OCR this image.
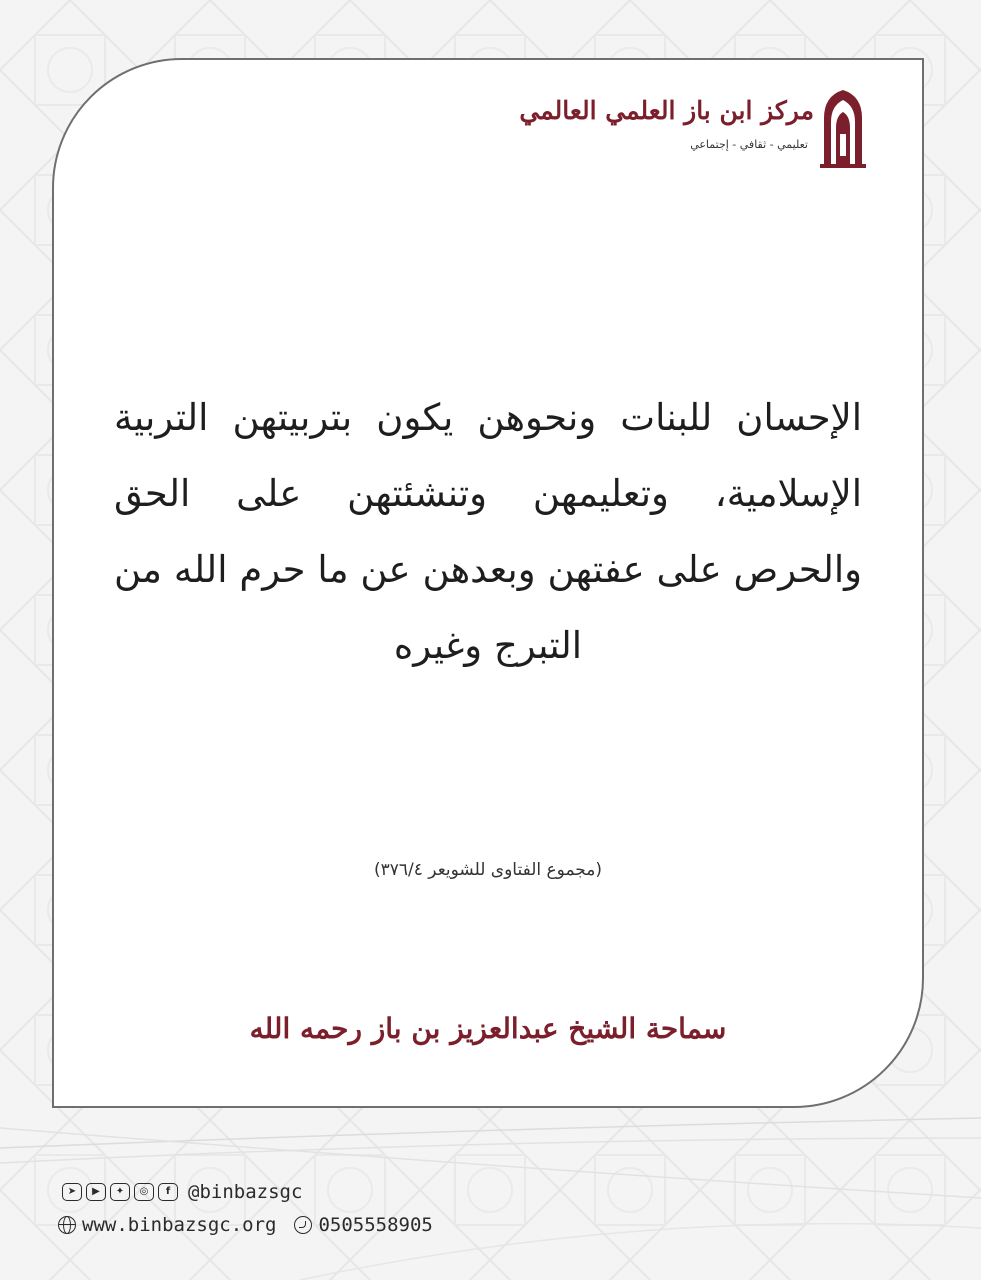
مركز ابن باز العلمي العالمي
تعليمي - ثقافي - إجتماعي
الإحسان للبنات ونحوهن يكون بتربيتهن التربية الإسلامية، وتعليمهن وتنشئتهن على الحق والحرص على عفتهن وبعدهن عن ما حرم الله من التبرج وغيره
(مجموع الفتاوى للشويعر ٣٧٦/٤)
سماحة الشيخ عبدالعزيز بن باز رحمه الله
➤	▶	✦	◎	f @binbazsgc
www.binbazsgc.org 0505558905
